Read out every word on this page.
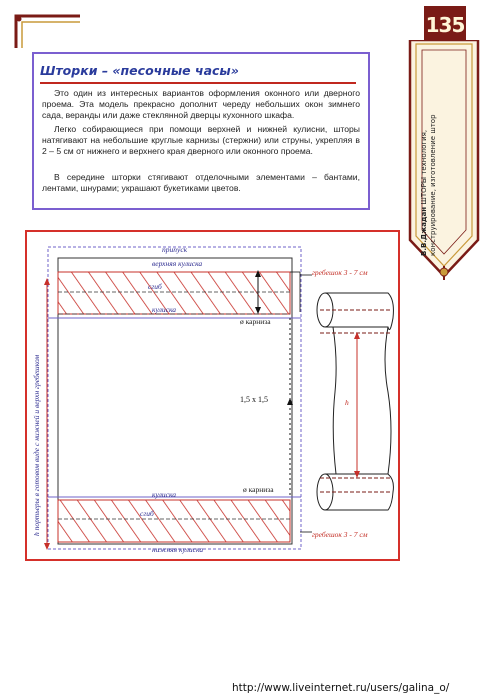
135
Шторки – «песочные часы»

Это один из интересных вариантов оформления оконного или дверного проема. Эта модель прекрасно дополнит череду небольших окон зимнего сада, веранды или даже стеклянной дверцы кухонного шкафа.

Легко собирающиеся при помощи верхней и нижней кулисни, шторы натягивают на небольшие круглые карнизы (стержни) или струны, укрепляя в 2 – 5 см от нижнего и верхнего края дверного или оконного проема.

В середине шторки стягивают отделочными элементами – бантами, лентами, шнурами; украшают букетиками цветов.

В.В.Джадан ШТОРЫ технология, конструирование, изготовление штор
припуск
верхняя кулиска
сгиб
кулиска
ø карниза
гребешок 3 - 7 см
1,5 x 1,5	h
кулиска
ø карниза
сгиб
нижняя кулиска
гребешок 3 - 7 см
h портьеры в готовом виде с нижней и верхн гребешком
http://www.liveinternet.ru/users/galina_o/
